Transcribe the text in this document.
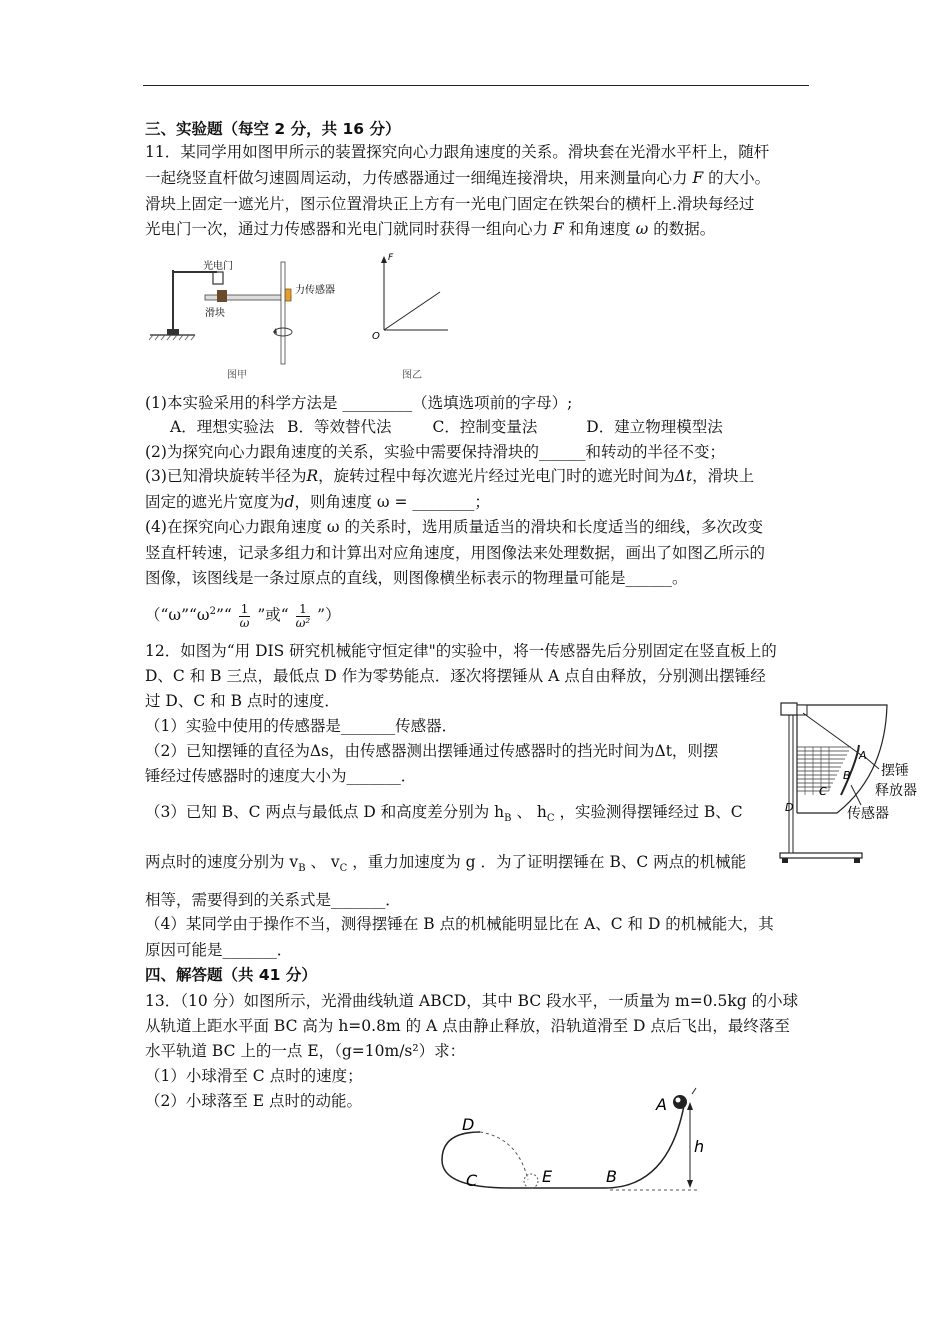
三、实验题（每空 2 分，共 16 分）
11．某同学用如图甲所示的装置探究向心力跟角速度的关系。滑块套在光滑水平杆上，随杆
一起绕竖直杆做匀速圆周运动，力传感器通过一细绳连接滑块，用来测量向心力 F 的大小。
滑块上固定一遮光片，图示位置滑块正上方有一光电门固定在铁架台的横杆上.滑块每经过
光电门一次，通过力传感器和光电门就同时获得一组向心力 F 和角速度 ω 的数据。
光电门
力传感器
滑块
图甲
F
O
图乙
(1)本实验采用的科学方法是 _________（选填选项前的字母）;
A．理想实验法 B．等效替代法	C．控制变量法	D．建立物理模型法
(2)为探究向心力跟角速度的关系，实验中需要保持滑块的______和转动的半径不变；
(3)已知滑块旋转半径为R，旋转过程中每次遮光片经过光电门时的遮光时间为Δt，滑块上
固定的遮光片宽度为d，则角速度 ω = ________；
(4)在探究向心力跟角速度 ω 的关系时，选用质量适当的滑块和长度适当的细线，多次改变
竖直杆转速，记录多组力和计算出对应角速度，用图像法来处理数据，画出了如图乙所示的
图像，该图线是一条过原点的直线，则图像横坐标表示的物理量可能是______。
（“$\omega”“\omega^2”“ \frac{1}{\omega}$ ”或“ $\frac{1}{\text{ω²}}$ ”）
12．如图为“用 DIS 研究机械能守恒定律"的实验中，将一传感器先后分别固定在竖直板上的
D、C 和 B 三点，最低点 D 作为零势能点．逐次将摆锤从 A 点自由释放，分别测出摆锤经
过 D、C 和 B 点时的速度．
（1）实验中使用的传感器是_______传感器．
（2）已知摆锤的直径为Δs，由传感器测出摆锤通过传感器时的挡光时间为Δt，则摆
锤经过传感器时的速度大小为_______．
（3）已知 B、C 两点与最低点 D 和高度差分别为 $h_B$ 、 $h_C$ ，实验测得摆锤经过 B、C
两点时的速度分别为 $v_B$ 、 $v_C$ ，重力加速度为 g ．为了证明摆锤在 B、C 两点的机械能
相等，需要得到的关系式是_______．
（4）某同学由于操作不当，测得摆锤在 B 点的机械能明显比在 A、C 和 D 的机械能大，其
原因可能是_______．
A
B
C
D
摆锤
释放器
传感器
四、解答题（共 41 分）
13．（10 分）如图所示，光滑曲线轨道 ABCD，其中 BC 段水平，一质量为 m=0.5kg 的小球
从轨道上距水平面 BC 高为 h=0.8m 的 A 点由静止释放，沿轨道滑至 D 点后飞出，最终落至
水平轨道 BC 上的一点 E，（g=10m/s²）求：
（1）小球滑至 C 点时的速度；
（2）小球落至 E 点时的动能。	A
B
C
D
E
h
